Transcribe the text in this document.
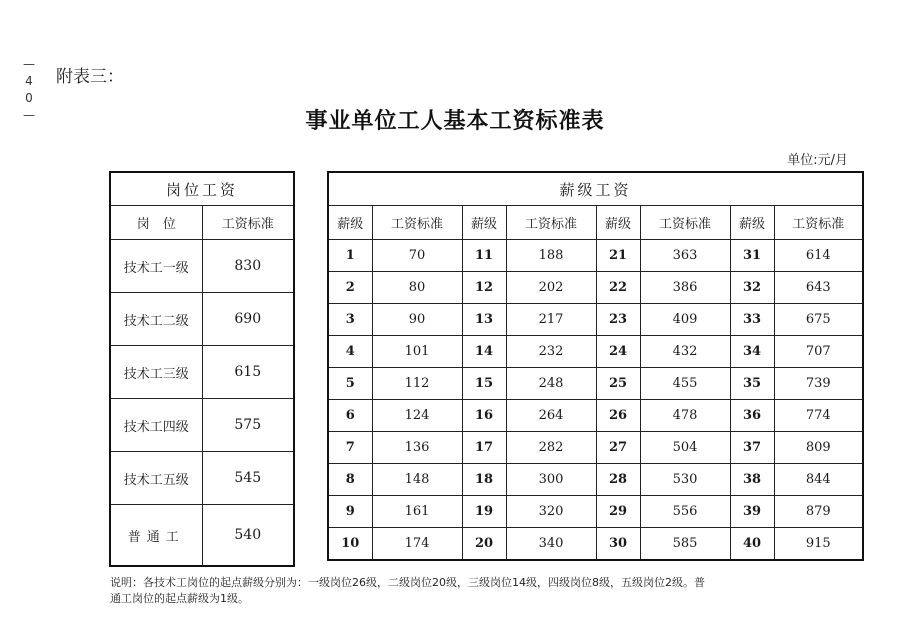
—
4
0
—
附表三：
事业单位工人基本工资标准表
单位:元/月
岗位工资	
岗　位	工资标准
技术工一级	830
技术工二级	690
技术工三级	615
技术工四级	575
技术工五级	545
普通工	540
薪级工资							
薪级	工资标准	薪级	工资标准	薪级	工资标准	薪级	工资标准
1	70	11	188	21	363	31	614
2	80	12	202	22	386	32	643
3	90	13	217	23	409	33	675
4	101	14	232	24	432	34	707
5	112	15	248	25	455	35	739
6	124	16	264	26	478	36	774
7	136	17	282	27	504	37	809
8	148	18	300	28	530	38	844
9	161	19	320	29	556	39	879
10	174	20	340	30	585	40	915
说明：各技术工岗位的起点薪级分别为：一级岗位26级，二级岗位20级，三级岗位14级，四级岗位8级，五级岗位2级。普
通工岗位的起点薪级为1级。
